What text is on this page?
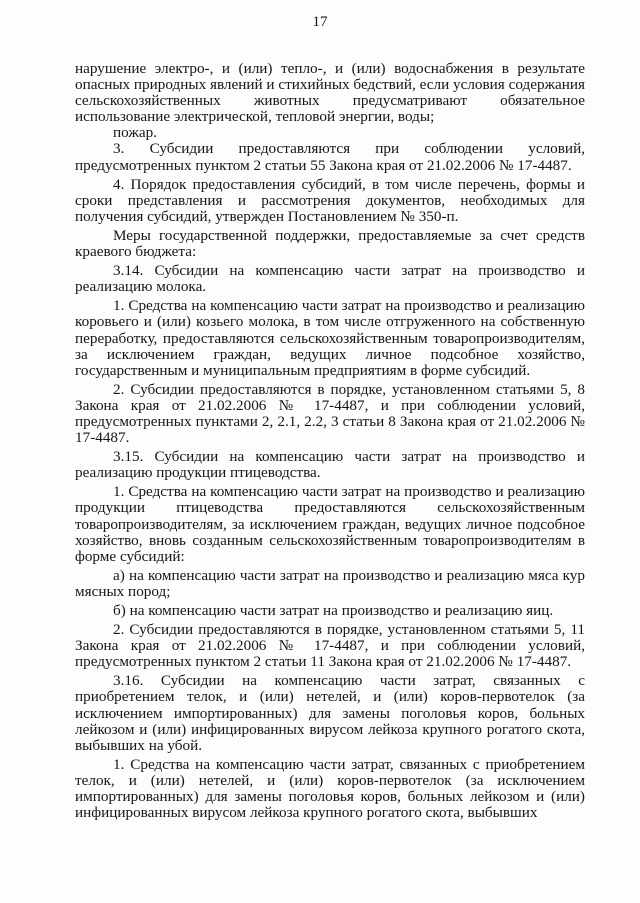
17

нарушение электро-, и (или) тепло-, и (или) водоснабжения в результате опасных природных явлений и стихийных бедствий, если условия содержания сельскохозяйственных животных предусматривают обязательное использование электрической, тепловой энергии, воды;

пожар.

3. Субсидии предоставляются при соблюдении условий, предусмотренных пунктом 2 статьи 55 Закона края от 21.02.2006 № 17-4487.

4. Порядок предоставления субсидий, в том числе перечень, формы и сроки представления и рассмотрения документов, необходимых для получения субсидий, утвержден Постановлением № 350-п.

Меры государственной поддержки, предоставляемые за счет средств краевого бюджета:

3.14. Субсидии на компенсацию части затрат на производство и реализацию молока.

1. Средства на компенсацию части затрат на производство и реализацию коровьего и (или) козьего молока, в том числе отгруженного на собственную переработку, предоставляются сельскохозяйственным товаропроизводителям, за исключением граждан, ведущих личное подсобное хозяйство, государственным и муниципальным предприятиям в форме субсидий.

2. Субсидии предоставляются в порядке, установленном статьями 5, 8 Закона края от 21.02.2006 № 17-4487, и при соблюдении условий, предусмотренных пунктами 2, 2.1, 2.2, 3 статьи 8 Закона края от 21.02.2006 № 17-4487.

3.15. Субсидии на компенсацию части затрат на производство и реализацию продукции птицеводства.

1. Средства на компенсацию части затрат на производство и реализацию продукции птицеводства предоставляются сельскохозяйственным товаропроизводителям, за исключением граждан, ведущих личное подсобное хозяйство, вновь созданным сельскохозяйственным товаропроизводителям в форме субсидий:

а) на компенсацию части затрат на производство и реализацию мяса кур мясных пород;

б) на компенсацию части затрат на производство и реализацию яиц.

2. Субсидии предоставляются в порядке, установленном статьями 5, 11 Закона края от 21.02.2006 № 17-4487, и при соблюдении условий, предусмотренных пунктом 2 статьи 11 Закона края от 21.02.2006 № 17-4487.

3.16. Субсидии на компенсацию части затрат, связанных с приобретением телок, и (или) нетелей, и (или) коров-первотелок (за исключением импортированных) для замены поголовья коров, больных лейкозом и (или) инфицированных вирусом лейкоза крупного рогатого скота, выбывших на убой.

1. Средства на компенсацию части затрат, связанных с приобретением телок, и (или) нетелей, и (или) коров-первотелок (за исключением импортированных) для замены поголовья коров, больных лейкозом и (или) инфицированных вирусом лейкоза крупного рогатого скота, выбывших
